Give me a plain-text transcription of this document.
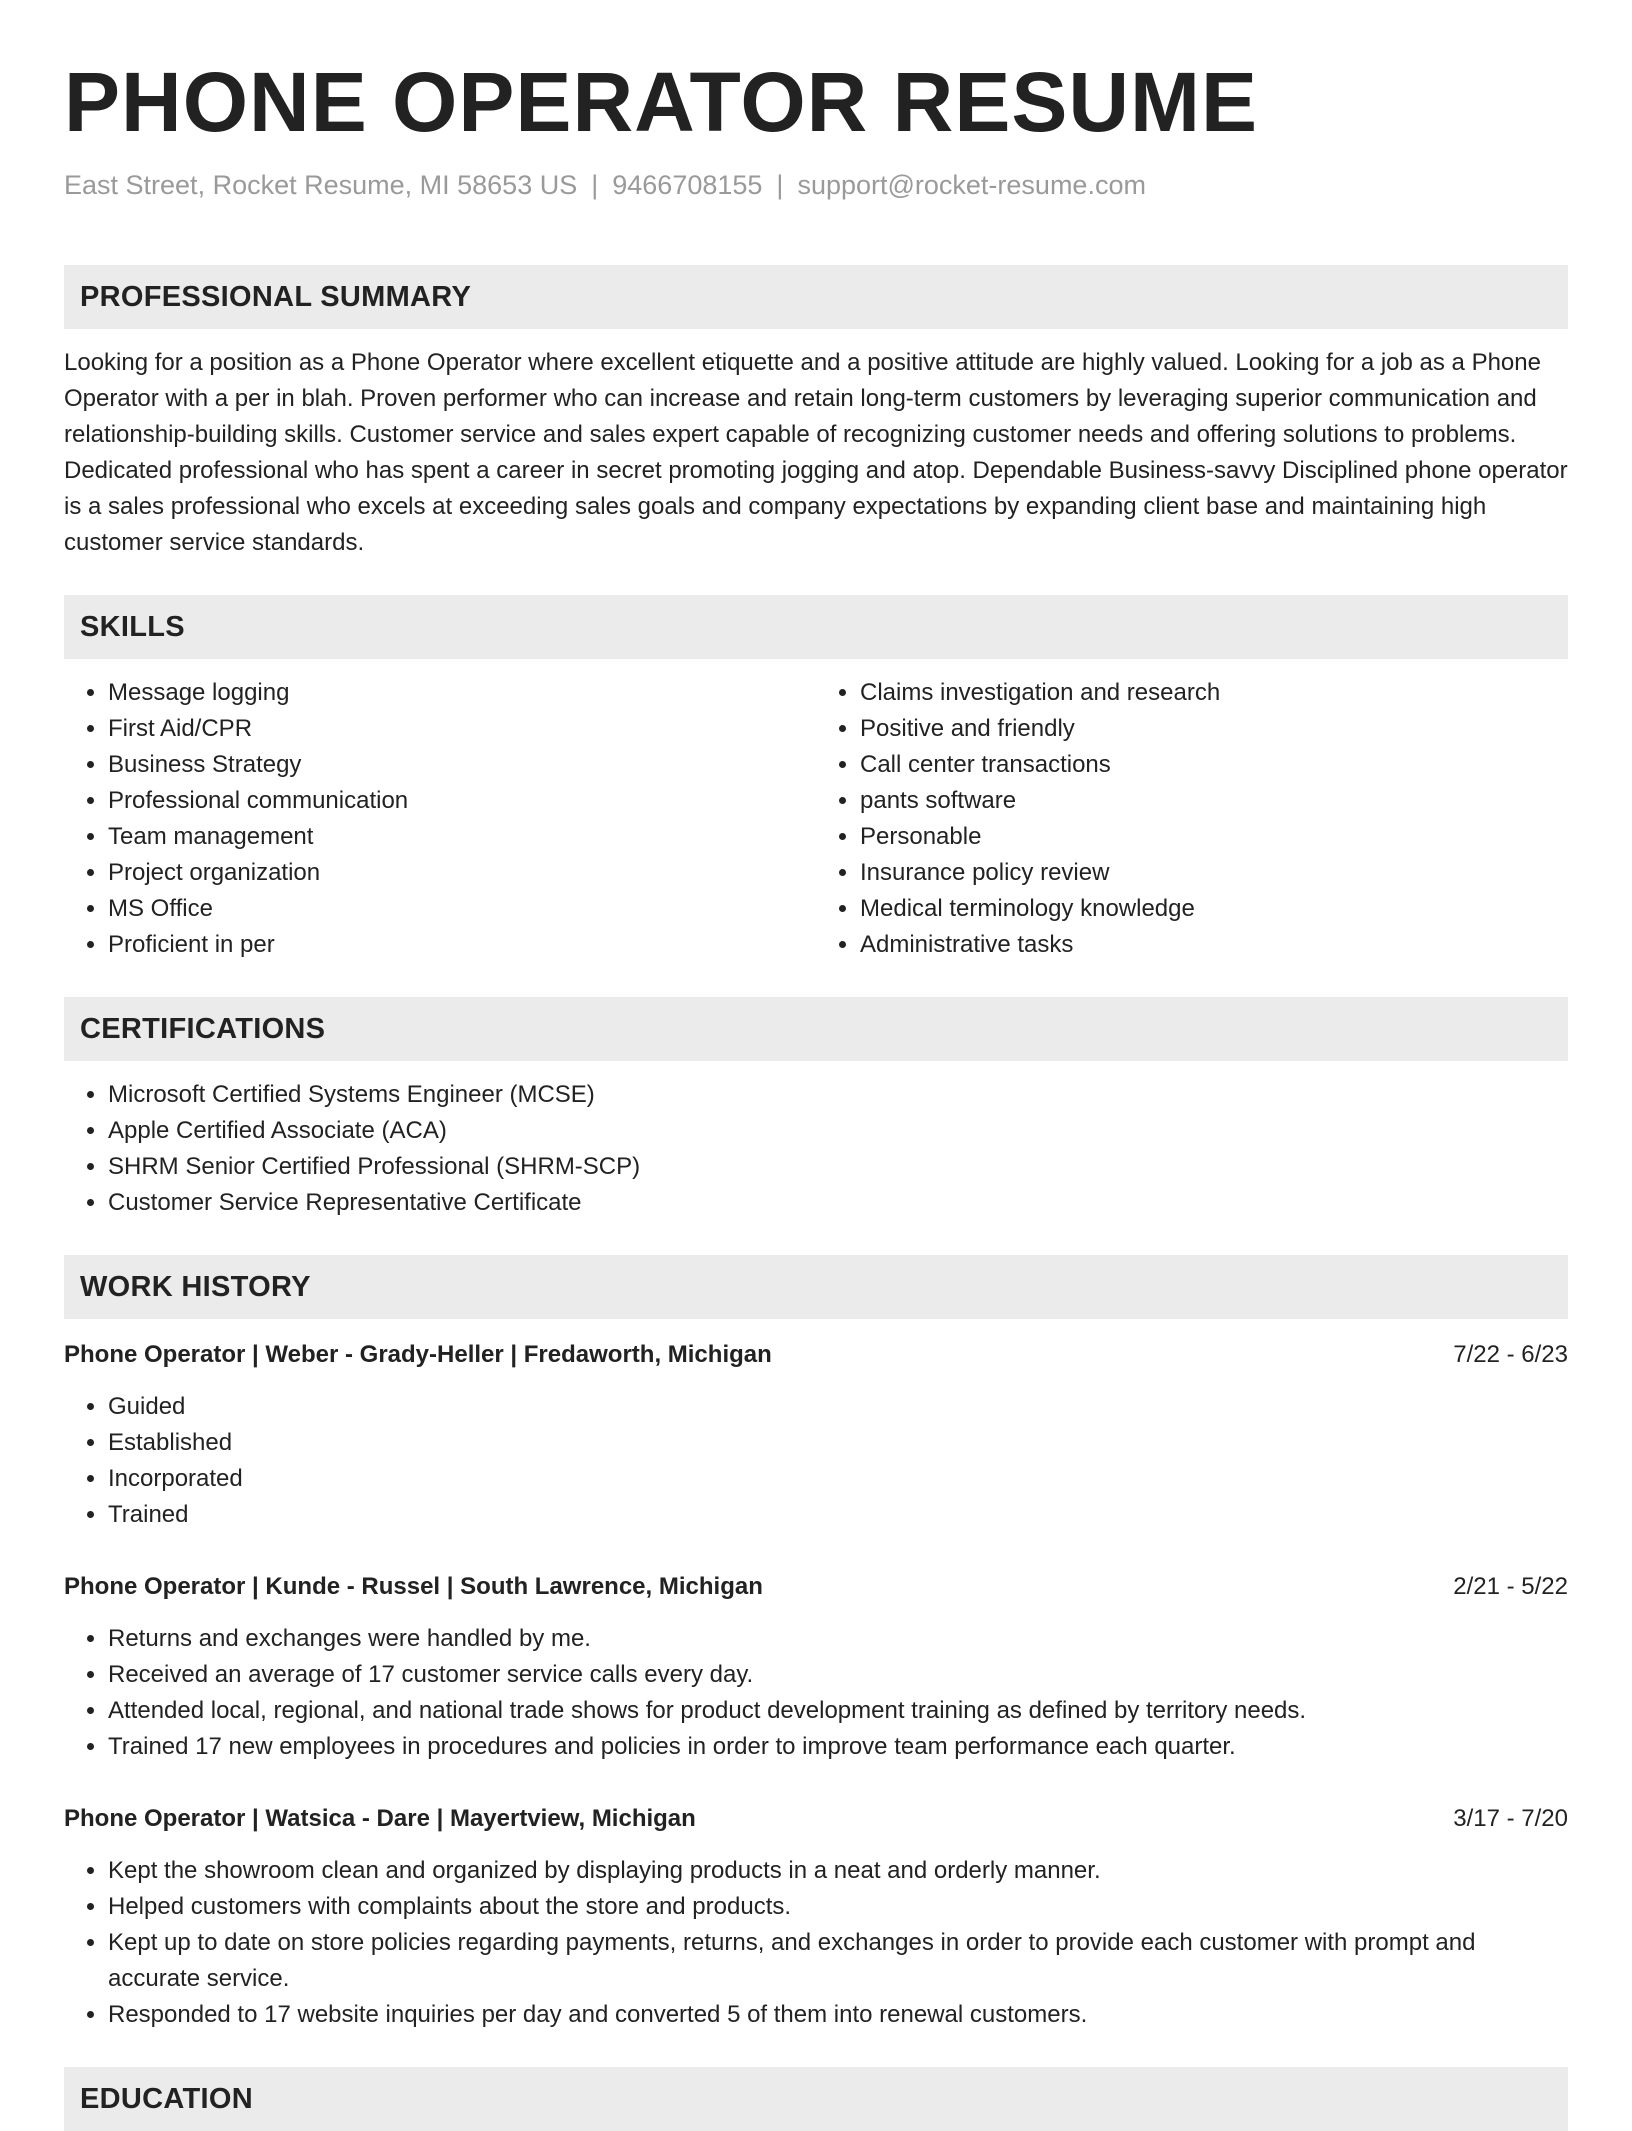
PHONE OPERATOR RESUME
East Street, Rocket Resume, MI 58653 US | 9466708155 | support@rocket-resume.com
PROFESSIONAL SUMMARY

Looking for a position as a Phone Operator where excellent etiquette and a positive attitude are highly valued. Looking for a job as a Phone Operator with a per in blah. Proven performer who can increase and retain long-term customers by leveraging superior communication and relationship-building skills. Customer service and sales expert capable of recognizing customer needs and offering solutions to problems. Dedicated professional who has spent a career in secret promoting jogging and atop. Dependable Business-savvy Disciplined phone operator is a sales professional who excels at exceeding sales goals and company expectations by expanding client base and maintaining high customer service standards.

SKILLS
• Message logging
• First Aid/CPR
• Business Strategy
• Professional communication
• Team management
• Project organization
• MS Office
• Proficient in per
• Claims investigation and research
• Positive and friendly
• Call center transactions
• pants software
• Personable
• Insurance policy review
• Medical terminology knowledge
• Administrative tasks
CERTIFICATIONS
• Microsoft Certified Systems Engineer (MCSE)
• Apple Certified Associate (ACA)
• SHRM Senior Certified Professional (SHRM-SCP)
• Customer Service Representative Certificate
WORK HISTORY
Phone Operator | Weber - Grady-Heller | Fredaworth, Michigan	7/22 - 6/23
• Guided
• Established
• Incorporated
• Trained
Phone Operator | Kunde - Russel | South Lawrence, Michigan	2/21 - 5/22
• Returns and exchanges were handled by me.
• Received an average of 17 customer service calls every day.
• Attended local, regional, and national trade shows for product development training as defined by territory needs.
• Trained 17 new employees in procedures and policies in order to improve team performance each quarter.
Phone Operator | Watsica - Dare | Mayertview, Michigan	3/17 - 7/20
• Kept the showroom clean and organized by displaying products in a neat and orderly manner.
• Helped customers with complaints about the store and products.
• Kept up to date on store policies regarding payments, returns, and exchanges in order to provide each customer with prompt and accurate service.
• Responded to 17 website inquiries per day and converted 5 of them into renewal customers.
EDUCATION
